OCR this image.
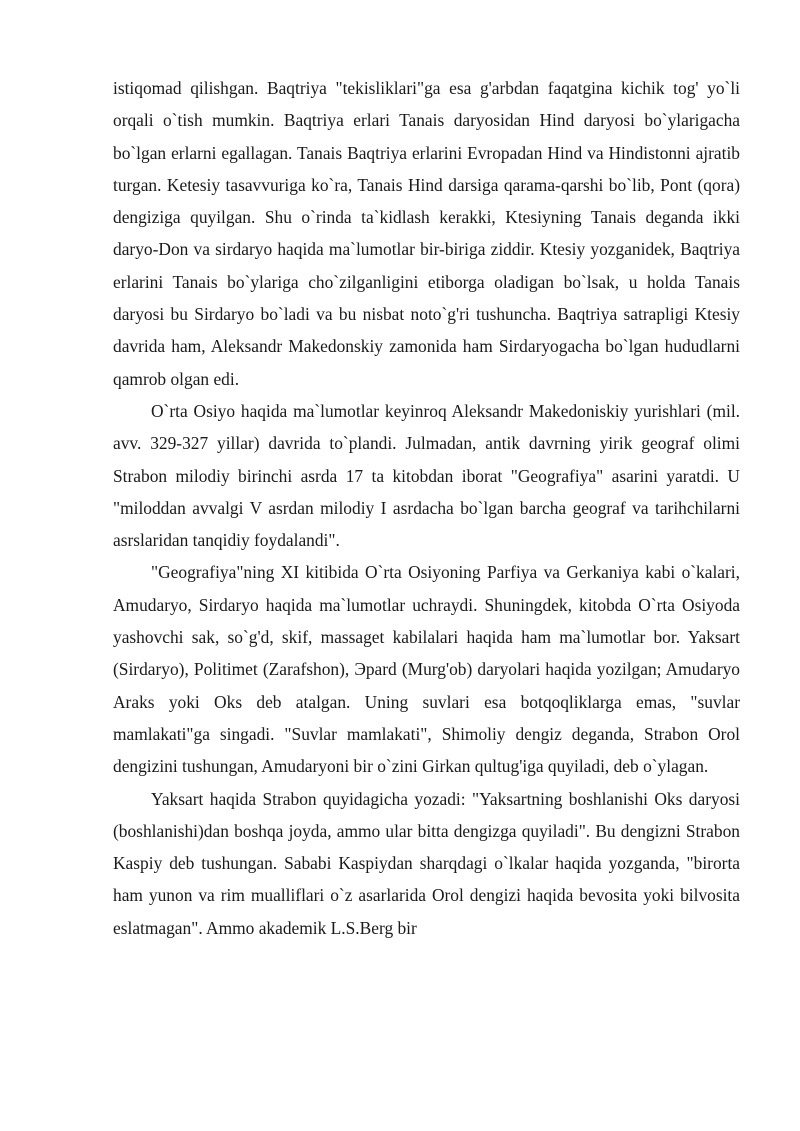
istiqomad qilishgan. Baqtriya "tekisliklari"ga esa g'arbdan faqatgina kichik tog' yo`li orqali o`tish mumkin. Baqtriya erlari Tanais daryosidan Hind daryosi bo`ylarigacha bo`lgan erlarni egallagan. Tanais Baqtriya erlarini Evropadan Hind va Hindistonni ajratib turgan. Ketesiy tasavvuriga ko`ra, Tanais Hind darsiga qarama-qarshi bo`lib, Pont (qora) dengiziga quyilgan. Shu o`rinda ta`kidlash kerakki, Ktesiyning Tanais deganda ikki daryo-Don va sirdaryo haqida ma`lumotlar bir-biriga ziddir. Ktesiy yozganidek, Baqtriya erlarini Tanais bo`ylariga cho`zilganligini etiborga oladigan bo`lsak, u holda Tanais daryosi bu Sirdaryo bo`ladi va bu nisbat noto`g'ri tushuncha. Baqtriya satrapligi Ktesiy davrida ham, Aleksandr Makedonskiy zamonida ham Sirdaryogacha bo`lgan hududlarni qamrob olgan edi.

O`rta Osiyo haqida ma`lumotlar keyinroq Aleksandr Makedoniskiy yurishlari (mil. avv. 329-327 yillar) davrida to`plandi. Julmadan, antik davrning yirik geograf olimi Strabon milodiy birinchi asrda 17 ta kitobdan iborat "Geografiya" asarini yaratdi. U "miloddan avvalgi V asrdan milodiy I asrdacha bo`lgan barcha geograf va tarihchilarni asrslaridan tanqidiy foydalandi".

"Geografiya"ning XI kitibida O`rta Osiyoning Parfiya va Gerkaniya kabi o`kalari, Amudaryo, Sirdaryo haqida ma`lumotlar uchraydi. Shuningdek, kitobda O`rta Osiyoda yashovchi sak, so`g'd, skif, massaget kabilalari haqida ham ma`lumotlar bor. Yaksart (Sirdaryo), Politimet (Zarafshon), Эpard (Murg'ob) daryolari haqida yozilgan; Amudaryo Araks yoki Oks deb atalgan. Uning suvlari esa botqoqliklarga emas, "suvlar mamlakati"ga singadi. "Suvlar mamlakati", Shimoliy dengiz deganda, Strabon Orol dengizini tushungan, Amudaryoni bir o`zini Girkan qultug'iga quyiladi, deb o`ylagan.

Yaksart haqida Strabon quyidagicha yozadi: "Yaksartning boshlanishi Oks daryosi (boshlanishi)dan boshqa joyda, ammo ular bitta dengizga quyiladi". Bu dengizni Strabon Kaspiy deb tushungan. Sababi Kaspiydan sharqdagi o`lkalar haqida yozganda, "birorta ham yunon va rim mualliflari o`z asarlarida Orol dengizi haqida bevosita yoki bilvosita eslatmagan". Ammo akademik L.S.Berg bir
